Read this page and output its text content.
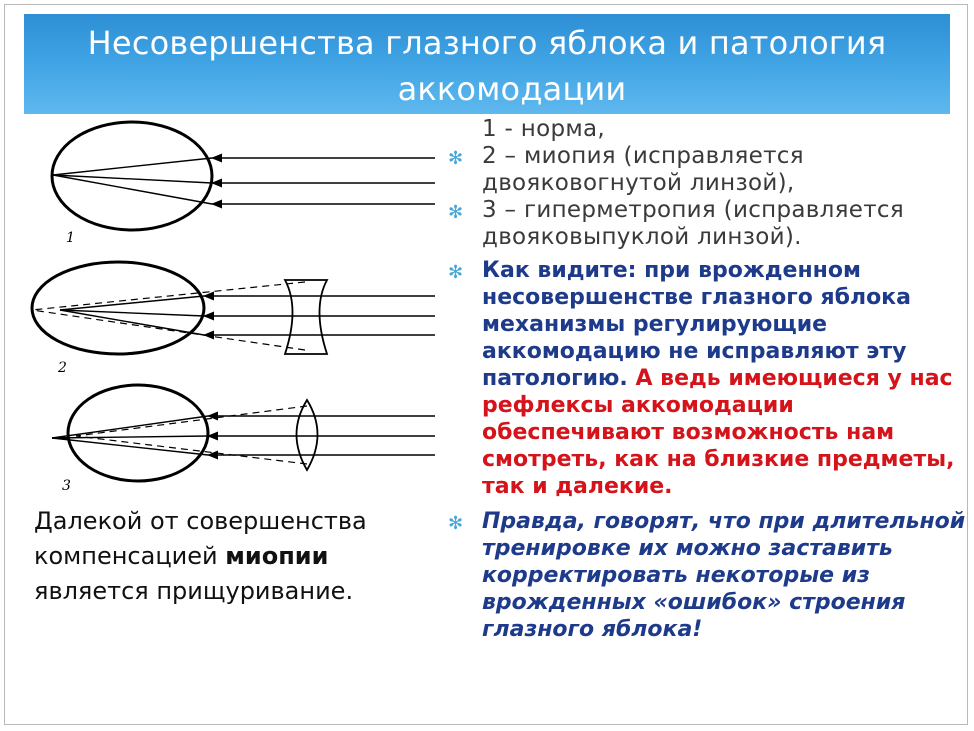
Несовершенства глазного яблока и патология
аккомодации
1
2
3
Далекой от совершенства компенсацией миопии является прищуривание.
1 - норма,
✻ 2 – миопия (исправляется двояковогнутой линзой),
✻ 3 – гиперметропия (исправляется двояковыпуклой линзой).
✻ Как видите: при врожденном несовершенстве глазного яблока механизмы регулирующие аккомодацию не исправляют эту патологию. А ведь имеющиеся у нас рефлексы аккомодации обеспечивают возможность нам смотреть, как на близкие предметы, так и далекие.
✻ Правда, говорят, что при длительной тренировке их можно заставить корректировать некоторые из врожденных «ошибок» строения глазного яблока!
